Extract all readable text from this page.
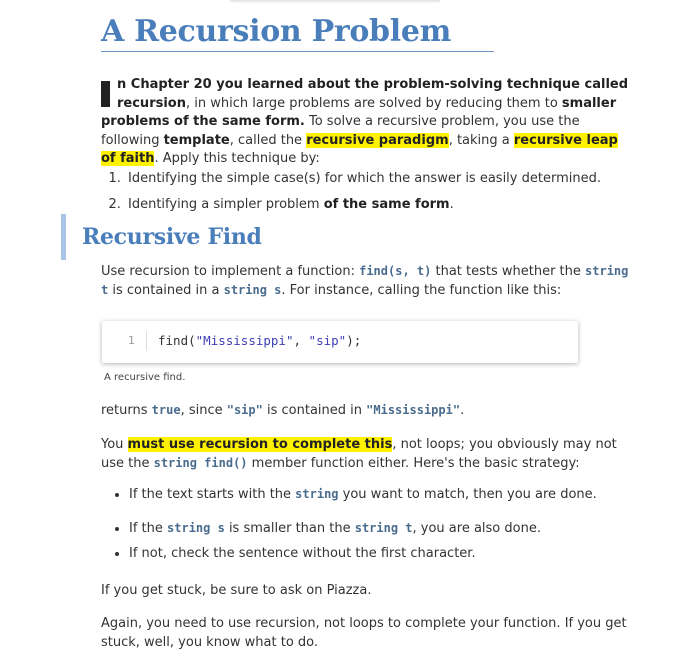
A Recursion Problem
n Chapter 20 you learned about the problem-solving technique called recursion, in which large problems are solved by reducing them to smaller problems of the same form. To solve a recursive problem, you use the following template, called the recursive paradigm, taking a recursive leap of faith. Apply this technique by:
1. Identifying the simple case(s) for which the answer is easily determined.
2. Identifying a simpler problem of the same form.
Recursive Find
Use recursion to implement a function: find(s, t) that tests whether the string t is contained in a string s. For instance, calling the function like this:
1 find("Mississippi", "sip");
A recursive find.
returns true, since "sip" is contained in "Mississippi".
You must use recursion to complete this, not loops; you obviously may not use the string find() member function either. Here's the basic strategy:
• If the text starts with the string you want to match, then you are done.
• If the string s is smaller than the string t, you are also done.
• If not, check the sentence without the first character.
If you get stuck, be sure to ask on Piazza.
Again, you need to use recursion, not loops to complete your function. If you get stuck, well, you know what to do.
